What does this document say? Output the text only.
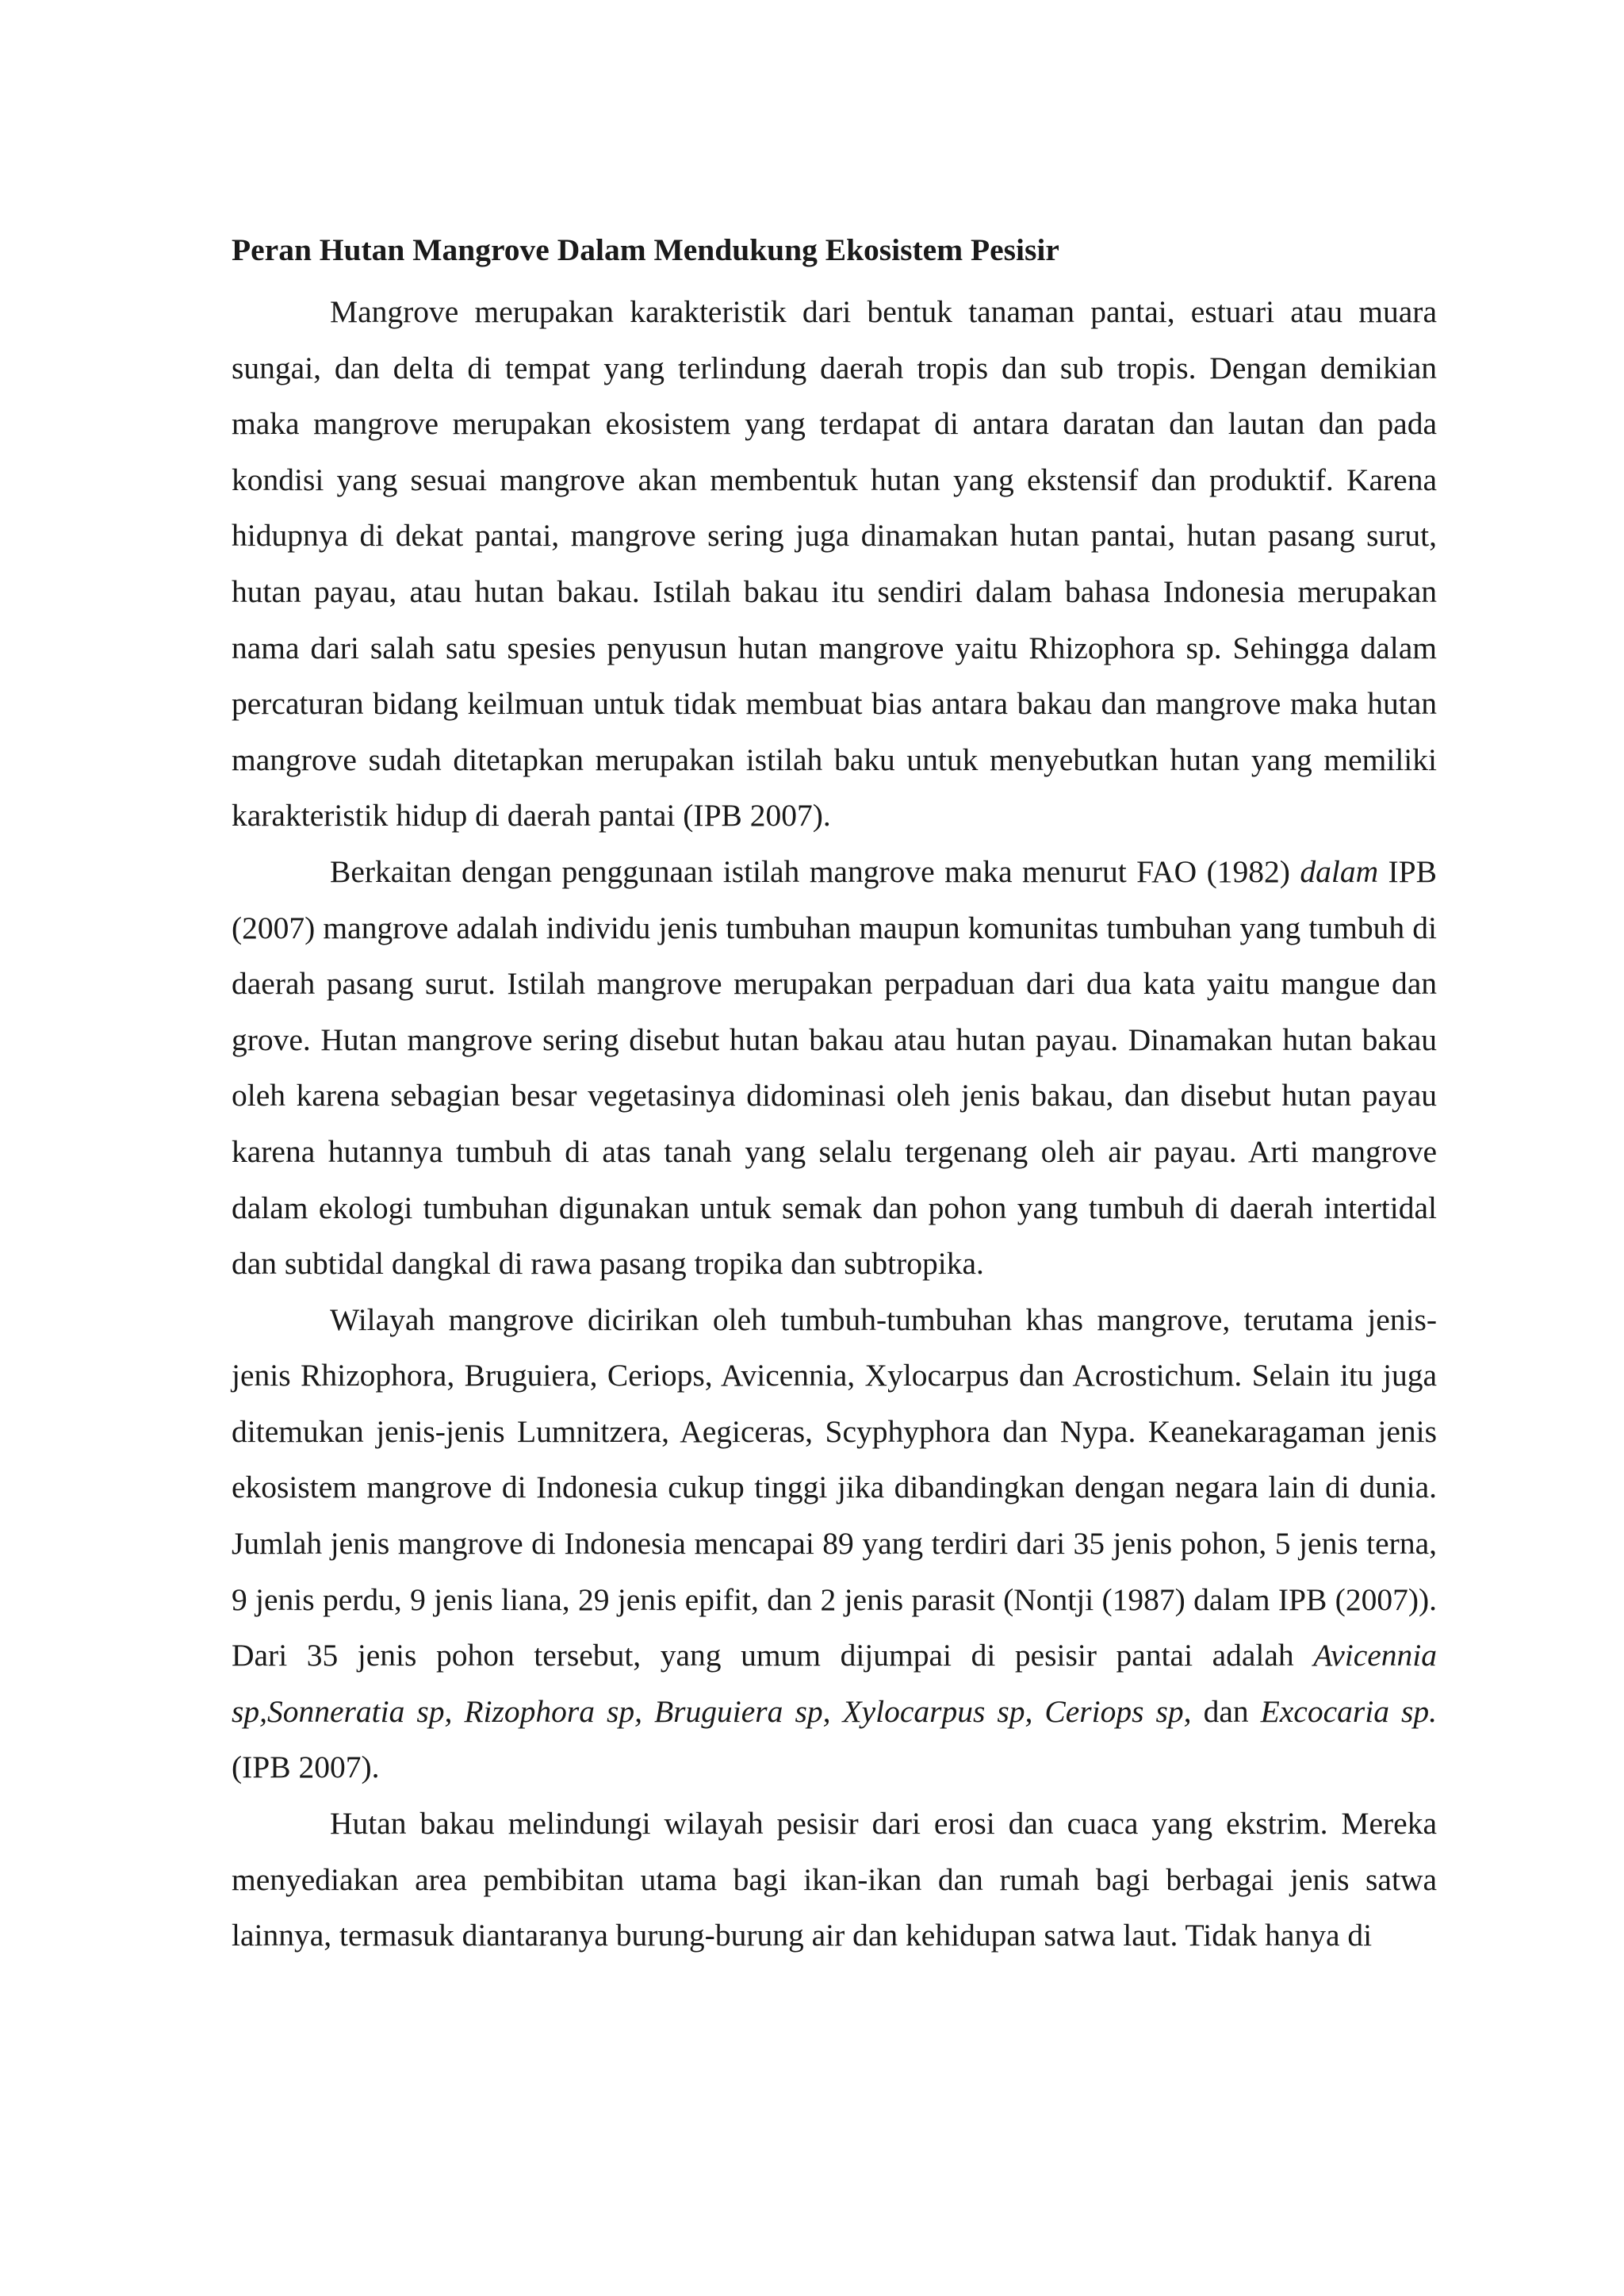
Peran Hutan Mangrove Dalam Mendukung Ekosistem Pesisir

Mangrove merupakan karakteristik dari bentuk tanaman pantai, estuari atau muara sungai, dan delta di tempat yang terlindung daerah tropis dan sub tropis. Dengan demikian maka mangrove merupakan ekosistem yang terdapat di antara daratan dan lautan dan pada kondisi yang sesuai mangrove akan membentuk hutan yang ekstensif dan produktif. Karena hidupnya di dekat pantai, mangrove sering juga dinamakan hutan pantai, hutan pasang surut, hutan payau, atau hutan bakau. Istilah bakau itu sendiri dalam bahasa Indonesia merupakan nama dari salah satu spesies penyusun hutan mangrove yaitu Rhizophora sp. Sehingga dalam percaturan bidang keilmuan untuk tidak membuat bias antara bakau dan mangrove maka hutan mangrove sudah ditetapkan merupakan istilah baku untuk menyebutkan hutan yang memiliki karakteristik hidup di daerah pantai (IPB 2007).

Berkaitan dengan penggunaan istilah mangrove maka menurut FAO (1982) dalam IPB (2007) mangrove adalah individu jenis tumbuhan maupun komunitas tumbuhan yang tumbuh di daerah pasang surut. Istilah mangrove merupakan perpaduan dari dua kata yaitu mangue dan grove. Hutan mangrove sering disebut hutan bakau atau hutan payau. Dinamakan hutan bakau oleh karena sebagian besar vegetasinya didominasi oleh jenis bakau, dan disebut hutan payau karena hutannya tumbuh di atas tanah yang selalu tergenang oleh air payau. Arti mangrove dalam ekologi tumbuhan digunakan untuk semak dan pohon yang tumbuh di daerah intertidal dan subtidal dangkal di rawa pasang tropika dan subtropika.

Wilayah mangrove dicirikan oleh tumbuh-tumbuhan khas mangrove, terutama jenis-jenis Rhizophora, Bruguiera, Ceriops, Avicennia, Xylocarpus dan Acrostichum. Selain itu juga ditemukan jenis-jenis Lumnitzera, Aegiceras, Scyphyphora dan Nypa. Keanekaragaman jenis ekosistem mangrove di Indonesia cukup tinggi jika dibandingkan dengan negara lain di dunia. Jumlah jenis mangrove di Indonesia mencapai 89 yang terdiri dari 35 jenis pohon, 5 jenis terna, 9 jenis perdu, 9 jenis liana, 29 jenis epifit, dan 2 jenis parasit (Nontji (1987) dalam IPB (2007)). Dari 35 jenis pohon tersebut, yang umum dijumpai di pesisir pantai adalah Avicennia sp,Sonneratia sp, Rizophora sp, Bruguiera sp, Xylocarpus sp, Ceriops sp, dan Excocaria sp.(IPB 2007).

Hutan bakau melindungi wilayah pesisir dari erosi dan cuaca yang ekstrim. Mereka menyediakan area pembibitan utama bagi ikan-ikan dan rumah bagi berbagai jenis satwa lainnya, termasuk diantaranya burung-burung air dan kehidupan satwa laut. Tidak hanya di
